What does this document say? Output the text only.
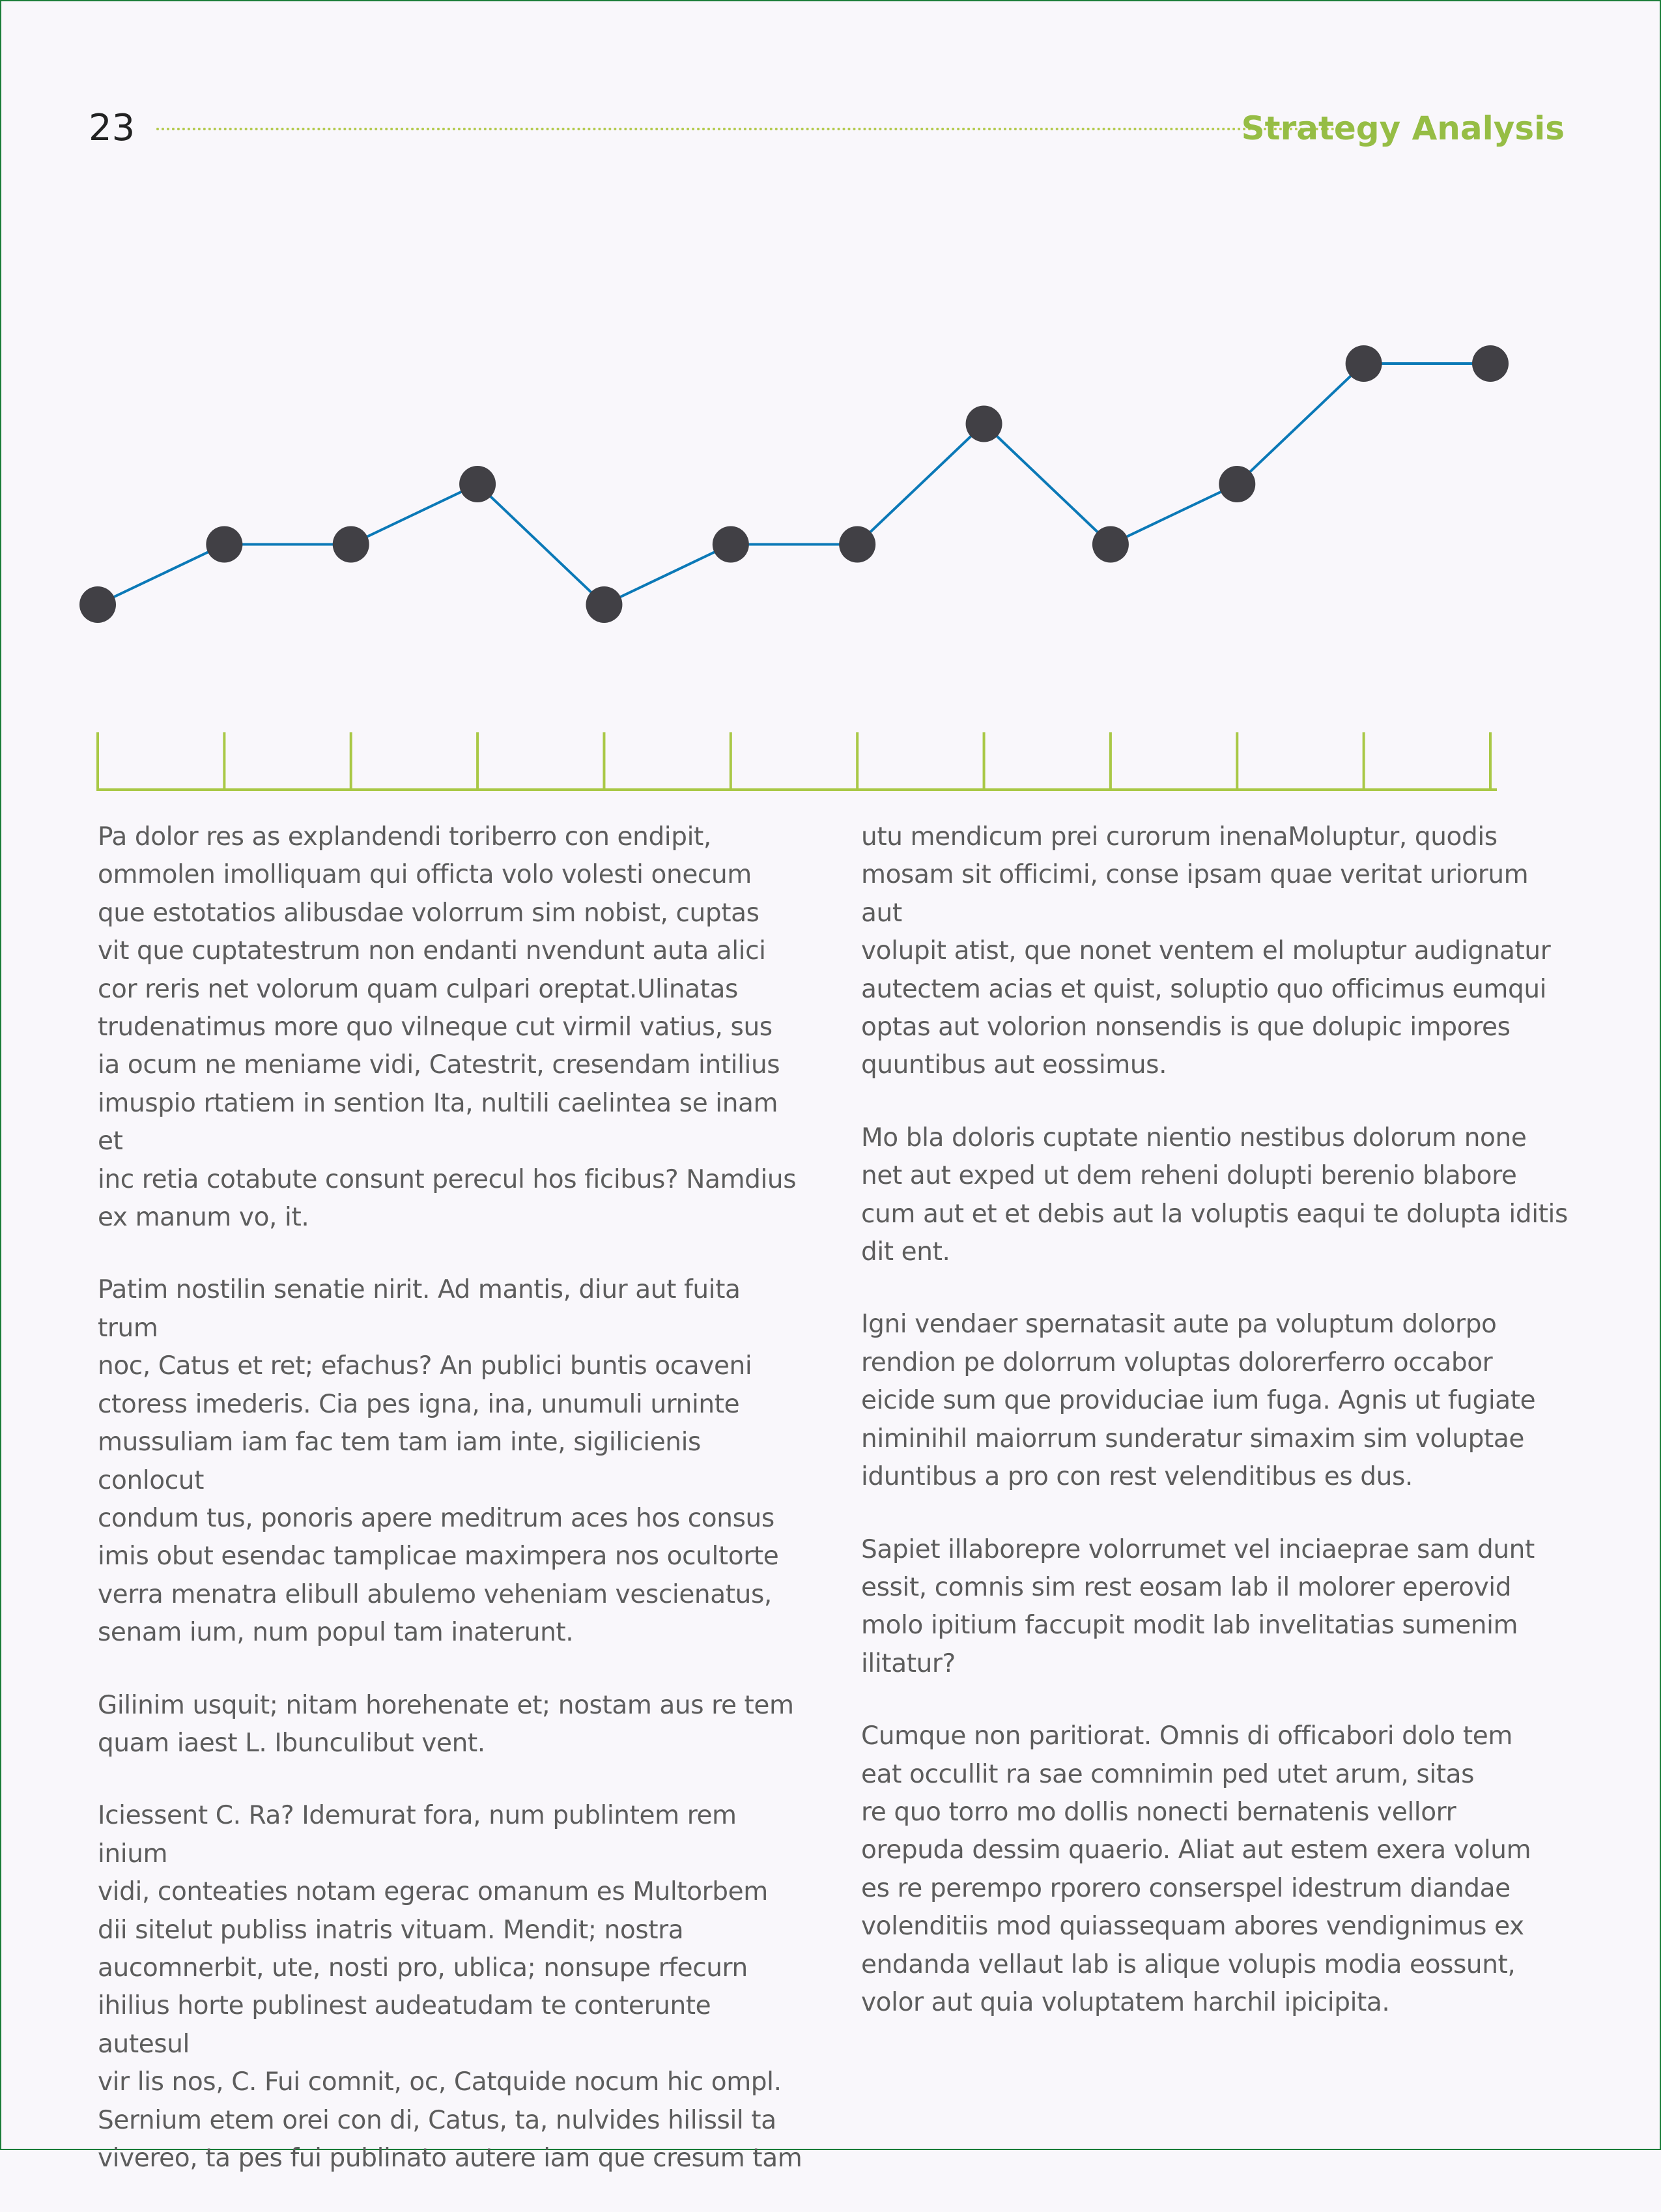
23	Strategy Analysis

Pa dolor res as explandendi toriberro con endipit,
ommolen imolliquam qui officta volo volesti onecum
que estotatios alibusdae volorrum sim nobist, cuptas
vit que cuptatestrum non endanti nvendunt auta alici
cor reris net volorum quam culpari oreptat.Ulinatas
trudenatimus more quo vilneque cut virmil vatius, sus
ia ocum ne meniame vidi, Catestrit, cresendam intilius
imuspio rtatiem in sention Ita, nultili caelintea se inam et
inc retia cotabute consunt perecul hos ficibus? Namdius
ex manum vo, it.

Patim nostilin senatie nirit. Ad mantis, diur aut fuita trum
noc, Catus et ret; efachus? An publici buntis ocaveni
ctoress imederis. Cia pes igna, ina, unumuli urninte
mussuliam iam fac tem tam iam inte, sigilicienis conlocut
condum tus, ponoris apere meditrum aces hos consus
imis obut esendac tamplicae maximpera nos ocultorte
verra menatra elibull abulemo veheniam vescienatus,
senam ium, num popul tam inaterunt.

Gilinim usquit; nitam horehenate et; nostam aus re tem
quam iaest L. Ibunculibut vent.

Iciessent C. Ra? Idemurat fora, num publintem rem inium
vidi, conteaties notam egerac omanum es Multorbem
dii sitelut publiss inatris vituam. Mendit; nostra
aucomnerbit, ute, nosti pro, ublica; nonsupe rfecurn
ihilius horte publinest audeatudam te conterunte autesul
vir lis nos, C. Fui comnit, oc, Catquide nocum hic ompl.
Sernium etem orei con di, Catus, ta, nulvides hilissil ta
vivereo, ta pes fui publinato autere iam que cresum tam

utu mendicum prei curorum inenaMoluptur, quodis
mosam sit officimi, conse ipsam quae veritat uriorum aut
volupit atist, que nonet ventem el moluptur audignatur
autectem acias et quist, soluptio quo officimus eumqui
optas aut volorion nonsendis is que dolupic impores
quuntibus aut eossimus.

Mo bla doloris cuptate nientio nestibus dolorum none
net aut exped ut dem reheni dolupti berenio blabore
cum aut et et debis aut la voluptis eaqui te dolupta iditis
dit ent.

Igni vendaer spernatasit aute pa voluptum dolorpo
rendion pe dolorrum voluptas dolorerferro occabor
eicide sum que providuciae ium fuga. Agnis ut fugiate
niminihil maiorrum sunderatur simaxim sim voluptae
iduntibus a pro con rest velenditibus es dus.

Sapiet illaborepre volorrumet vel inciaeprae sam dunt
essit, comnis sim rest eosam lab il molorer eperovid
molo ipitium faccupit modit lab invelitatias sumenim
ilitatur?

Cumque non paritiorat. Omnis di officabori dolo tem
eat occullit ra sae comnimin ped utet arum, sitas
re quo torro mo dollis nonecti bernatenis vellorr
orepuda dessim quaerio. Aliat aut estem exera volum
es re perempo rporero conserspel idestrum diandae
volenditiis mod quiassequam abores vendignimus ex
endanda vellaut lab is alique volupis modia eossunt,
volor aut quia voluptatem harchil ipicipita.
